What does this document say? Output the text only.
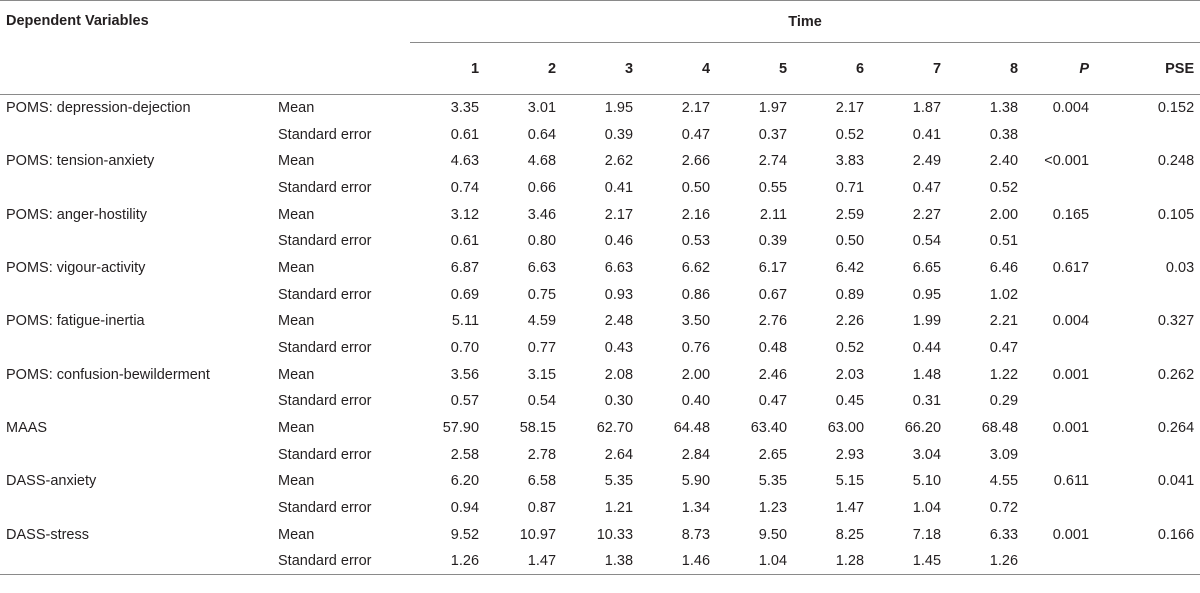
Dependent Variables		Time									
		1	2	3	4	5	6	7	8	P	PSE
POMS: depression-dejection	Mean	3.35	3.01	1.95	2.17	1.97	2.17	1.87	1.38	0.004	0.152
	Standard error	0.61	0.64	0.39	0.47	0.37	0.52	0.41	0.38		
POMS: tension-anxiety	Mean	4.63	4.68	2.62	2.66	2.74	3.83	2.49	2.40	<0.001	0.248
	Standard error	0.74	0.66	0.41	0.50	0.55	0.71	0.47	0.52		
POMS: anger-hostility	Mean	3.12	3.46	2.17	2.16	2.11	2.59	2.27	2.00	0.165	0.105
	Standard error	0.61	0.80	0.46	0.53	0.39	0.50	0.54	0.51		
POMS: vigour-activity	Mean	6.87	6.63	6.63	6.62	6.17	6.42	6.65	6.46	0.617	0.03
	Standard error	0.69	0.75	0.93	0.86	0.67	0.89	0.95	1.02		
POMS: fatigue-inertia	Mean	5.11	4.59	2.48	3.50	2.76	2.26	1.99	2.21	0.004	0.327
	Standard error	0.70	0.77	0.43	0.76	0.48	0.52	0.44	0.47		
POMS: confusion-bewilderment	Mean	3.56	3.15	2.08	2.00	2.46	2.03	1.48	1.22	0.001	0.262
	Standard error	0.57	0.54	0.30	0.40	0.47	0.45	0.31	0.29		
MAAS	Mean	57.90	58.15	62.70	64.48	63.40	63.00	66.20	68.48	0.001	0.264
	Standard error	2.58	2.78	2.64	2.84	2.65	2.93	3.04	3.09		
DASS-anxiety	Mean	6.20	6.58	5.35	5.90	5.35	5.15	5.10	4.55	0.611	0.041
	Standard error	0.94	0.87	1.21	1.34	1.23	1.47	1.04	0.72		
DASS-stress	Mean	9.52	10.97	10.33	8.73	9.50	8.25	7.18	6.33	0.001	0.166
	Standard error	1.26	1.47	1.38	1.46	1.04	1.28	1.45	1.26		
